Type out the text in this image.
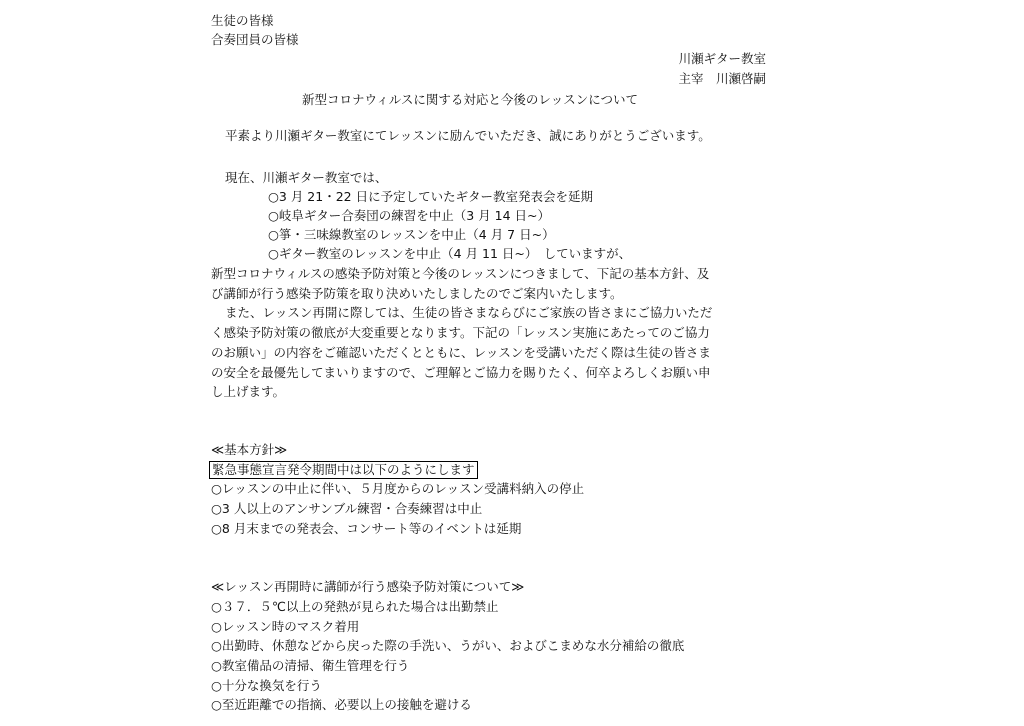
生徒の皆様
合奏団員の皆様
川瀬ギター教室
主宰　川瀬啓嗣
新型コロナウィルスに関する対応と今後のレッスンについて
平素より川瀬ギター教室にてレッスンに励んでいただき、誠にありがとうございます。
現在、川瀬ギター教室では、
○3 月 21・22 日に予定していたギター教室発表会を延期
○岐阜ギター合奏団の練習を中止（3 月 14 日~）
○箏・三味線教室のレッスンを中止（4 月 7 日~）
○ギター教室のレッスンを中止（4 月 11 日~）　していますが、
新型コロナウィルスの感染予防対策と今後のレッスンにつきまして、下記の基本方針、及
び講師が行う感染予防策を取り決めいたしましたのでご案内いたします。
また、レッスン再開に際しては、生徒の皆さまならびにご家族の皆さまにご協力いただ
く感染予防対策の徹底が大変重要となります。下記の「レッスン実施にあたってのご協力
のお願い」の内容をご確認いただくとともに、レッスンを受講いただく際は生徒の皆さま
の安全を最優先してまいりますので、ご理解とご協力を賜りたく、何卒よろしくお願い申
し上げます。
≪基本方針≫
緊急事態宣言発令期間中は以下のようにします
○レッスンの中止に伴い、５月度からのレッスン受講料納入の停止
○3 人以上のアンサンブル練習・合奏練習は中止
○8 月末までの発表会、コンサート等のイベントは延期
≪レッスン再開時に講師が行う感染予防対策について≫
○３７．５℃以上の発熱が見られた場合は出勤禁止
○レッスン時のマスク着用
○出勤時、休憩などから戻った際の手洗い、うがい、およびこまめな水分補給の徹底
○教室備品の清掃、衛生管理を行う
○十分な換気を行う
○至近距離での指摘、必要以上の接触を避ける
